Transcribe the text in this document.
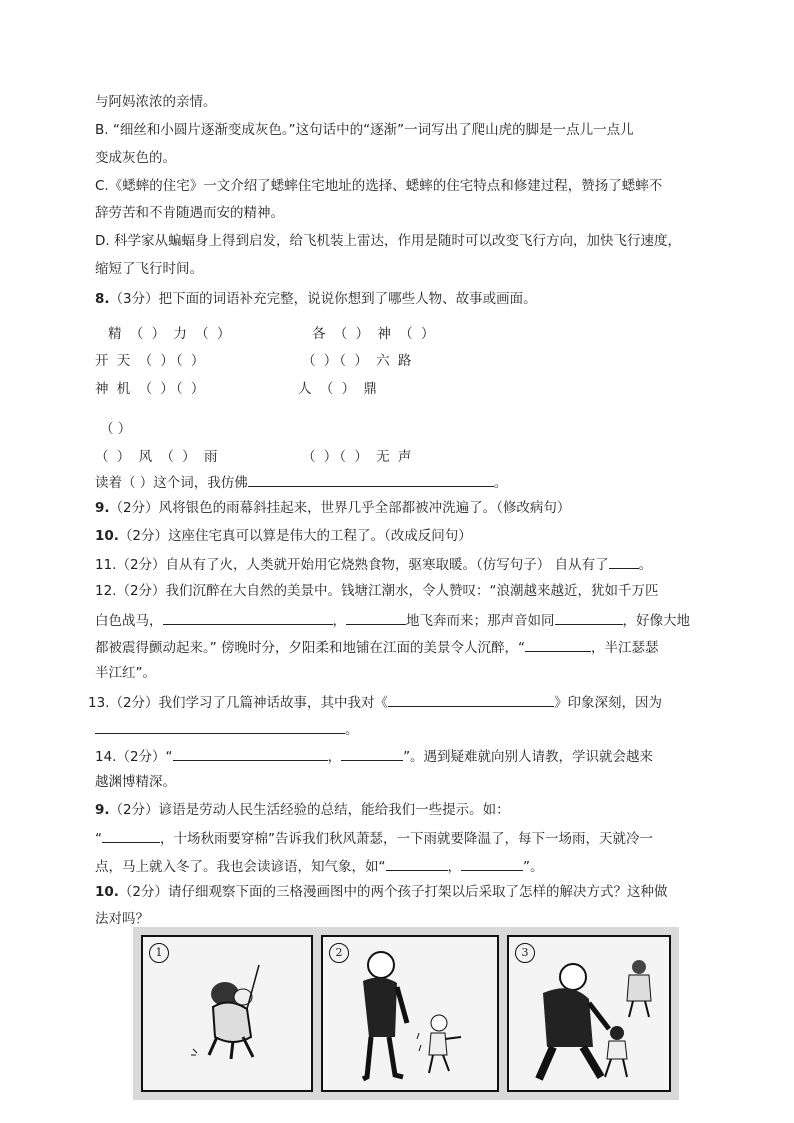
与阿妈浓浓的亲情。
B. “细丝和小圆片逐渐变成灰色。”这句话中的“逐渐”一词写出了爬山虎的脚是一点儿一点儿
变成灰色的。
C.《蟋蟀的住宅》一文介绍了蟋蟀住宅地址的选择、蟋蟀的住宅特点和修建过程，赞扬了蟋蟀不
辞劳苦和不肯随遇而安的精神。
D. 科学家从蝙蝠身上得到启发，给飞机装上雷达，作用是随时可以改变飞行方向，加快飞行速度，
缩短了飞行时间。
8.（3分）把下面的词语补充完整，说说你想到了哪些人物、故事或画面。
精 （ ） 力 （ ）	各 （ ） 神 （ ）
开 天 （ ）（ ）	（ ）（ ） 六 路
神 机 （ ）（ ）	人 （ ） 鼎
（ ）
（ ） 风 （ ） 雨	（ ）（ ） 无 声
读着（ ）这个词，我仿佛	。
9.（2分）风将银色的雨幕斜挂起来，世界几乎全部都被冲洗遍了。（修改病句）
10.（2分）这座住宅真可以算是伟大的工程了。（改成反问句）
11.（2分）自从有了火，人类就开始用它烧熟食物，驱寒取暖。（仿写句子） 自从有了 。
12.（2分）我们沉醉在大自然的美景中。钱塘江潮水，令人赞叹：“浪潮越来越近，犹如千万匹
白色战马，	，	地飞奔而来；那声音如同	，好像大地
都被震得颤动起来。” 傍晚时分，夕阳柔和地铺在江面的美景令人沉醉，“	，半江瑟瑟
半江红”。
13.（2分）我们学习了几篇神话故事，其中我对《	》印象深刻，因为
。
14.（2分）“	，	”。遇到疑难就向别人请教，学识就会越来
越渊博精深。
9.（2分）谚语是劳动人民生活经验的总结，能给我们一些提示。如：
“	，十场秋雨要穿棉”告诉我们秋风萧瑟，一下雨就要降温了，每下一场雨，天就冷一
点，马上就入冬了。我也会读谚语，知气象，如“	，	”。
10.（2分）请仔细观察下面的三格漫画图中的两个孩子打架以后采取了怎样的解决方式？这种做
法对吗？
1	2	3
